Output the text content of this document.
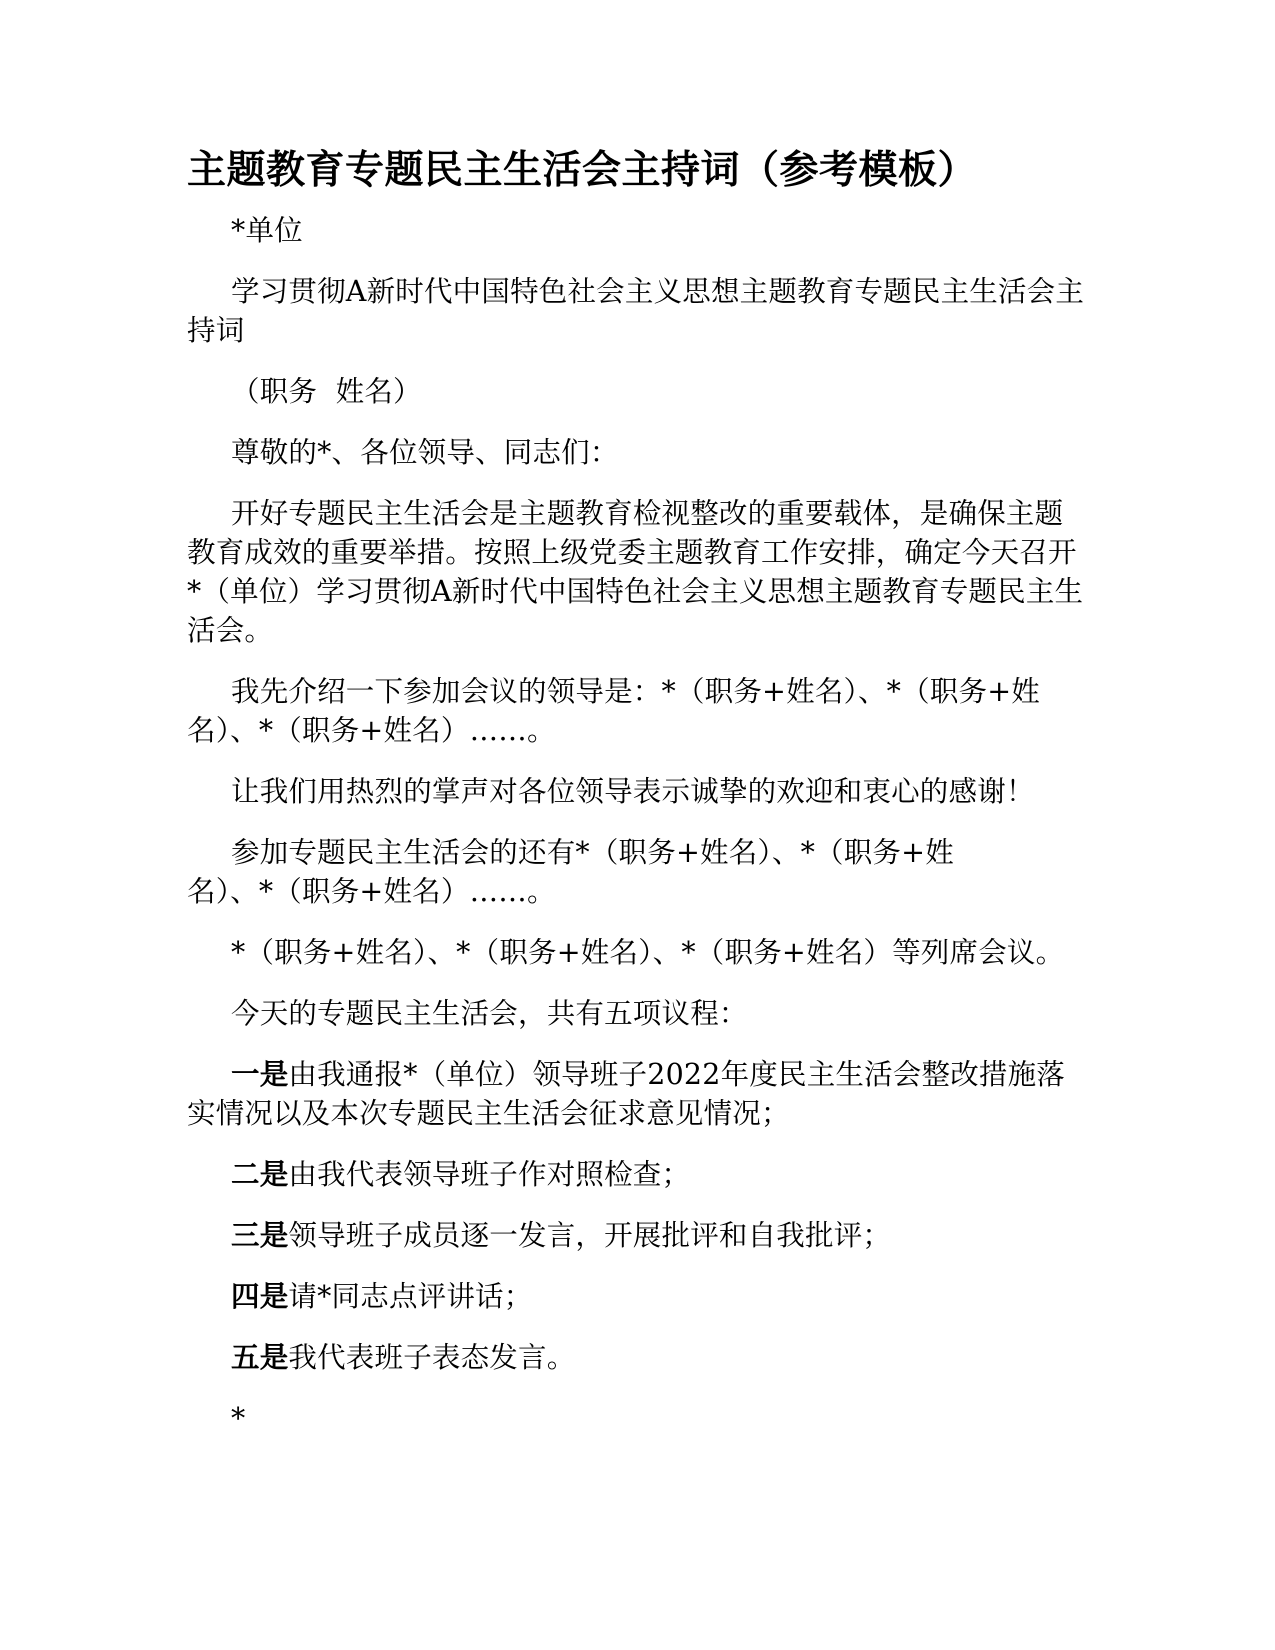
主题教育专题民主生活会主持词（参考模板）

*单位

学习贯彻A新时代中国特色社会主义思想主题教育专题民主生活会主持词

（职务  姓名）

尊敬的*、各位领导、同志们：

开好专题民主生活会是主题教育检视整改的重要载体，是确保主题教育成效的重要举措。按照上级党委主题教育工作安排，确定今天召开*（单位）学习贯彻A新时代中国特色社会主义思想主题教育专题民主生活会。

我先介绍一下参加会议的领导是：*（职务+姓名）、*（职务+姓名）、*（职务+姓名）……。

让我们用热烈的掌声对各位领导表示诚挚的欢迎和衷心的感谢！

参加专题民主生活会的还有*（职务+姓名）、*（职务+姓
名）、*（职务+姓名）……。

*（职务+姓名）、*（职务+姓名）、*（职务+姓名）等列席会议。

今天的专题民主生活会，共有五项议程：

一是由我通报*（单位）领导班子2022年度民主生活会整改措施落实情况以及本次专题民主生活会征求意见情况；

二是由我代表领导班子作对照检查；

三是领导班子成员逐一发言，开展批评和自我批评；

四是请*同志点评讲话；

五是我代表班子表态发言。

*
